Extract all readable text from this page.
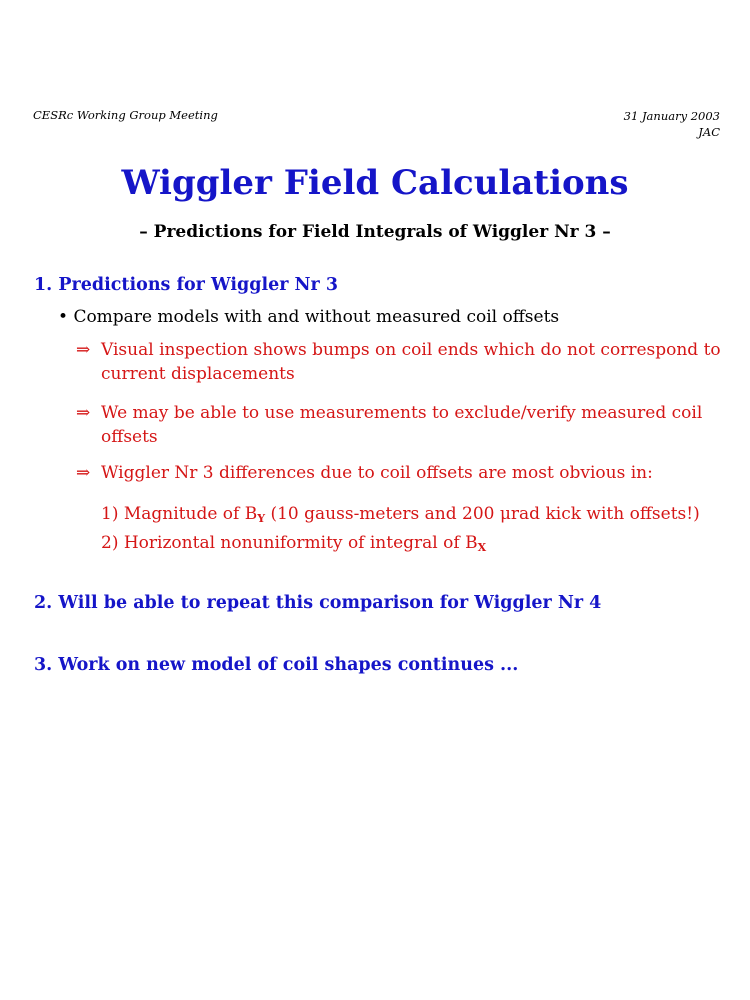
CESRc Working Group Meeting	31 January 2003
JAC
Wiggler Field Calculations
– Predictions for Field Integrals of Wiggler Nr 3 –
1. Predictions for Wiggler Nr 3
• Compare models with and without measured coil offsets
⇒ Visual inspection shows bumps on coil ends which do not correspond to current displacements
⇒ We may be able to use measurements to exclude/verify measured coil offsets
⇒ Wiggler Nr 3 differences due to coil offsets are most obvious in:
1) Magnitude of $B_Y$ (10 gauss-meters and 200 μrad kick with offsets!)
2) Horizontal nonuniformity of integral of $B_X$
2. Will be able to repeat this comparison for Wiggler Nr 4
3. Work on new model of coil shapes continues ...
